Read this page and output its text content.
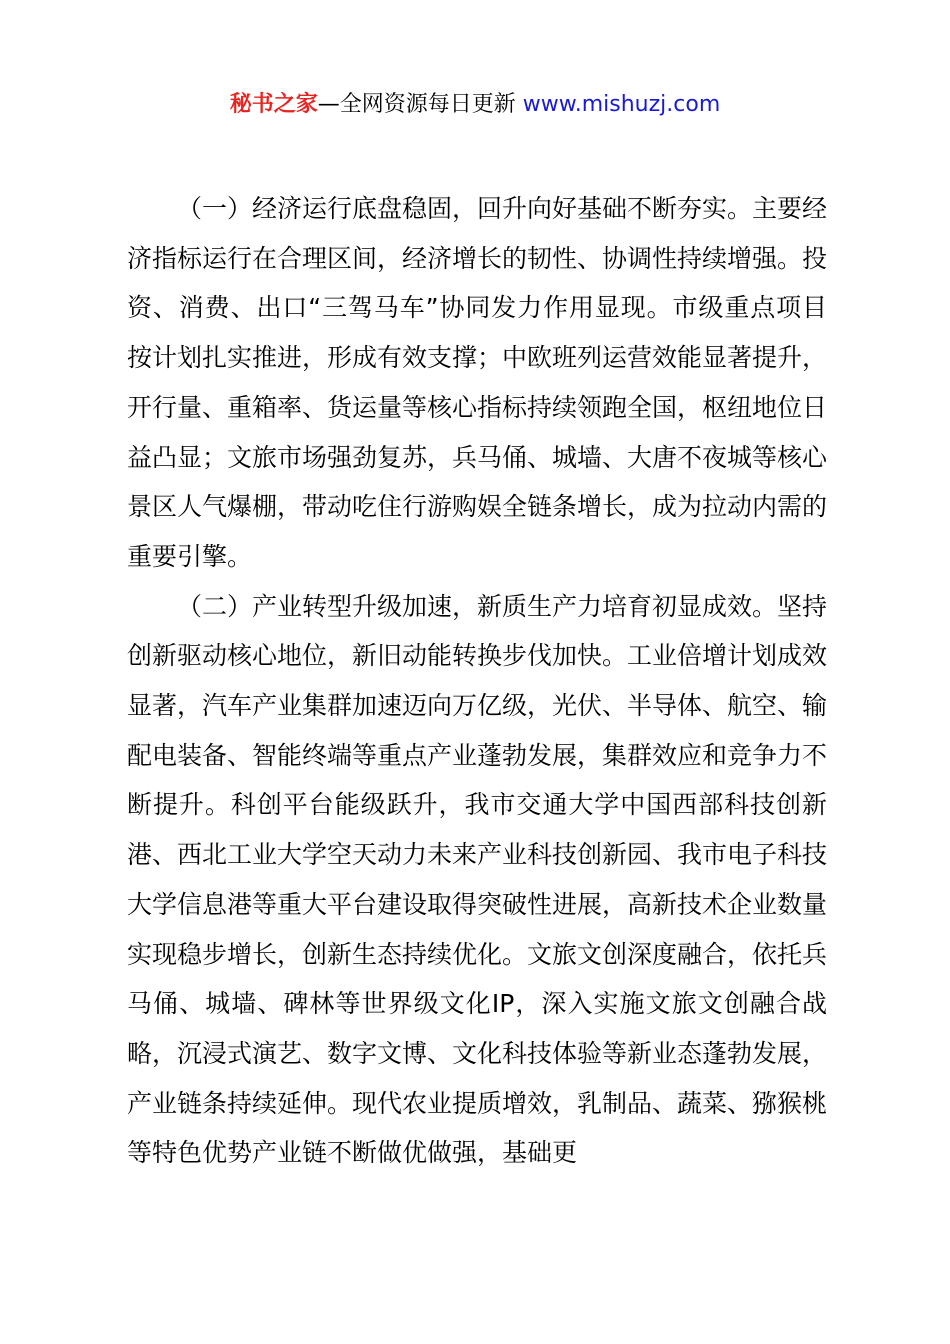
秘书之家—全网资源每日更新 www.mishuzj.com

（一）经济运行底盘稳固，回升向好基础不断夯实。主要经济指标运行在合理区间，经济增长的韧性、协调性持续增强。投资、消费、出口“三驾马车”协同发力作用显现。市级重点项目按计划扎实推进，形成有效支撑；中欧班列运营效能显著提升，开行量、重箱率、货运量等核心指标持续领跑全国，枢纽地位日益凸显；文旅市场强劲复苏，兵马俑、城墙、大唐不夜城等核心景区人气爆棚，带动吃住行游购娱全链条增长，成为拉动内需的重要引擎。

（二）产业转型升级加速，新质生产力培育初显成效。坚持创新驱动核心地位，新旧动能转换步伐加快。工业倍增计划成效显著，汽车产业集群加速迈向万亿级，光伏、半导体、航空、输配电装备、智能终端等重点产业蓬勃发展，集群效应和竞争力不断提升。科创平台能级跃升，我市交通大学中国西部科技创新港、西北工业大学空天动力未来产业科技创新园、我市电子科技大学信息港等重大平台建设取得突破性进展，高新技术企业数量实现稳步增长，创新生态持续优化。文旅文创深度融合，依托兵马俑、城墙、碑林等世界级文化IP，深入实施文旅文创融合战略，沉浸式演艺、数字文博、文化科技体验等新业态蓬勃发展，产业链条持续延伸。现代农业提质增效，乳制品、蔬菜、猕猴桃等特色优势产业链不断做优做强，基础更
